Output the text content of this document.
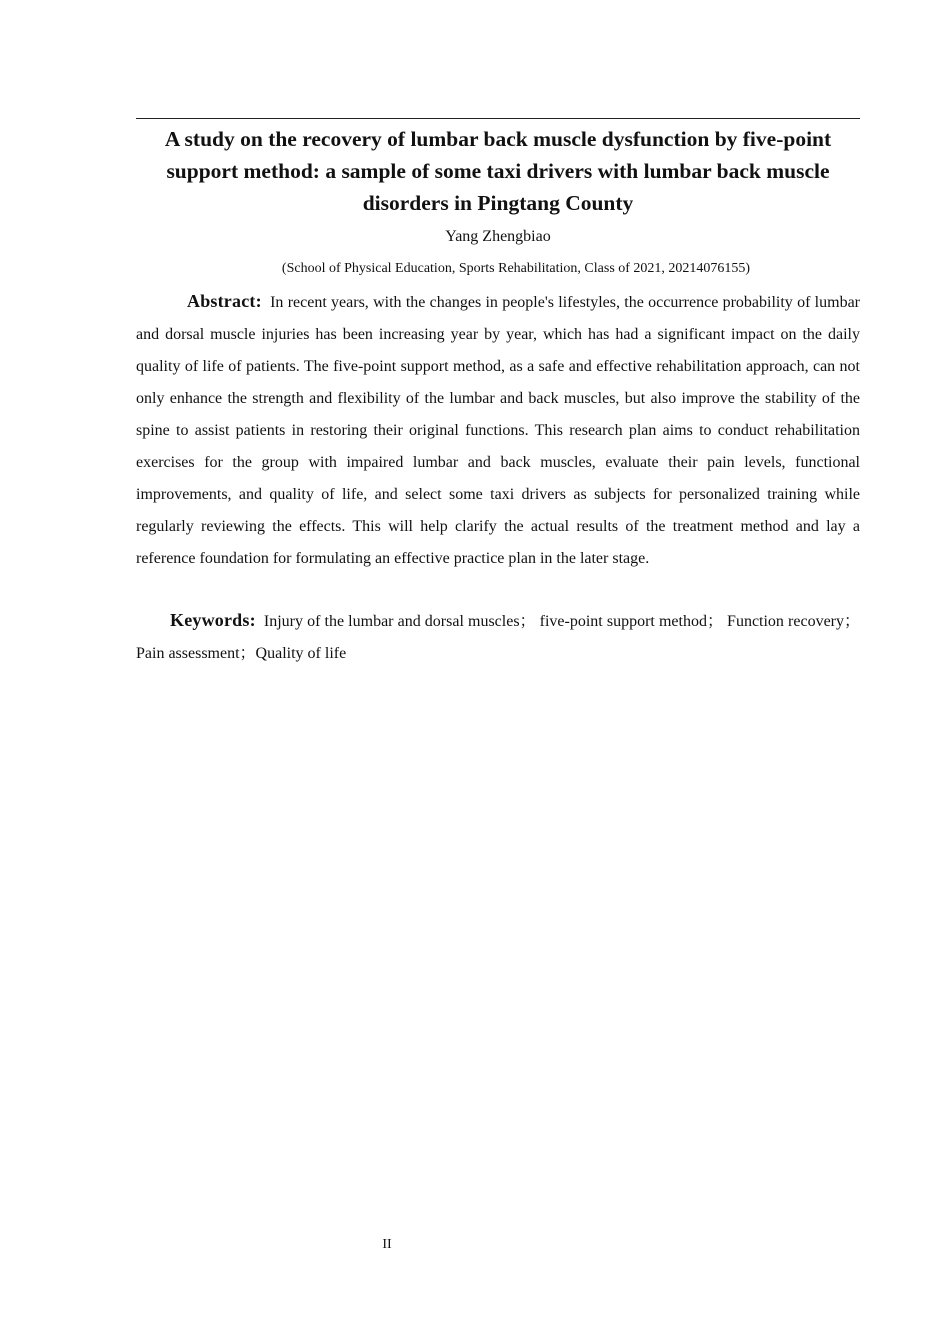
A study on the recovery of lumbar back muscle dysfunction by five-point support method: a sample of some taxi drivers with lumbar back muscle disorders in Pingtang County
Yang Zhengbiao
(School of Physical Education, Sports Rehabilitation, Class of 2021, 20214076155)

Abstract: In recent years, with the changes in people's lifestyles, the occurrence probability of lumbar and dorsal muscle injuries has been increasing year by year, which has had a significant impact on the daily quality of life of patients. The five-point support method, as a safe and effective rehabilitation approach, can not only enhance the strength and flexibility of the lumbar and back muscles, but also improve the stability of the spine to assist patients in restoring their original functions. This research plan aims to conduct rehabilitation exercises for the group with impaired lumbar and back muscles, evaluate their pain levels, functional improvements, and quality of life, and select some taxi drivers as subjects for personalized training while regularly reviewing the effects. This will help clarify the actual results of the treatment method and lay a reference foundation for formulating an effective practice plan in the later stage.

Keywords: Injury of the lumbar and dorsal muscles； five-point support method； Function recovery；Pain assessment；Quality of life

II
